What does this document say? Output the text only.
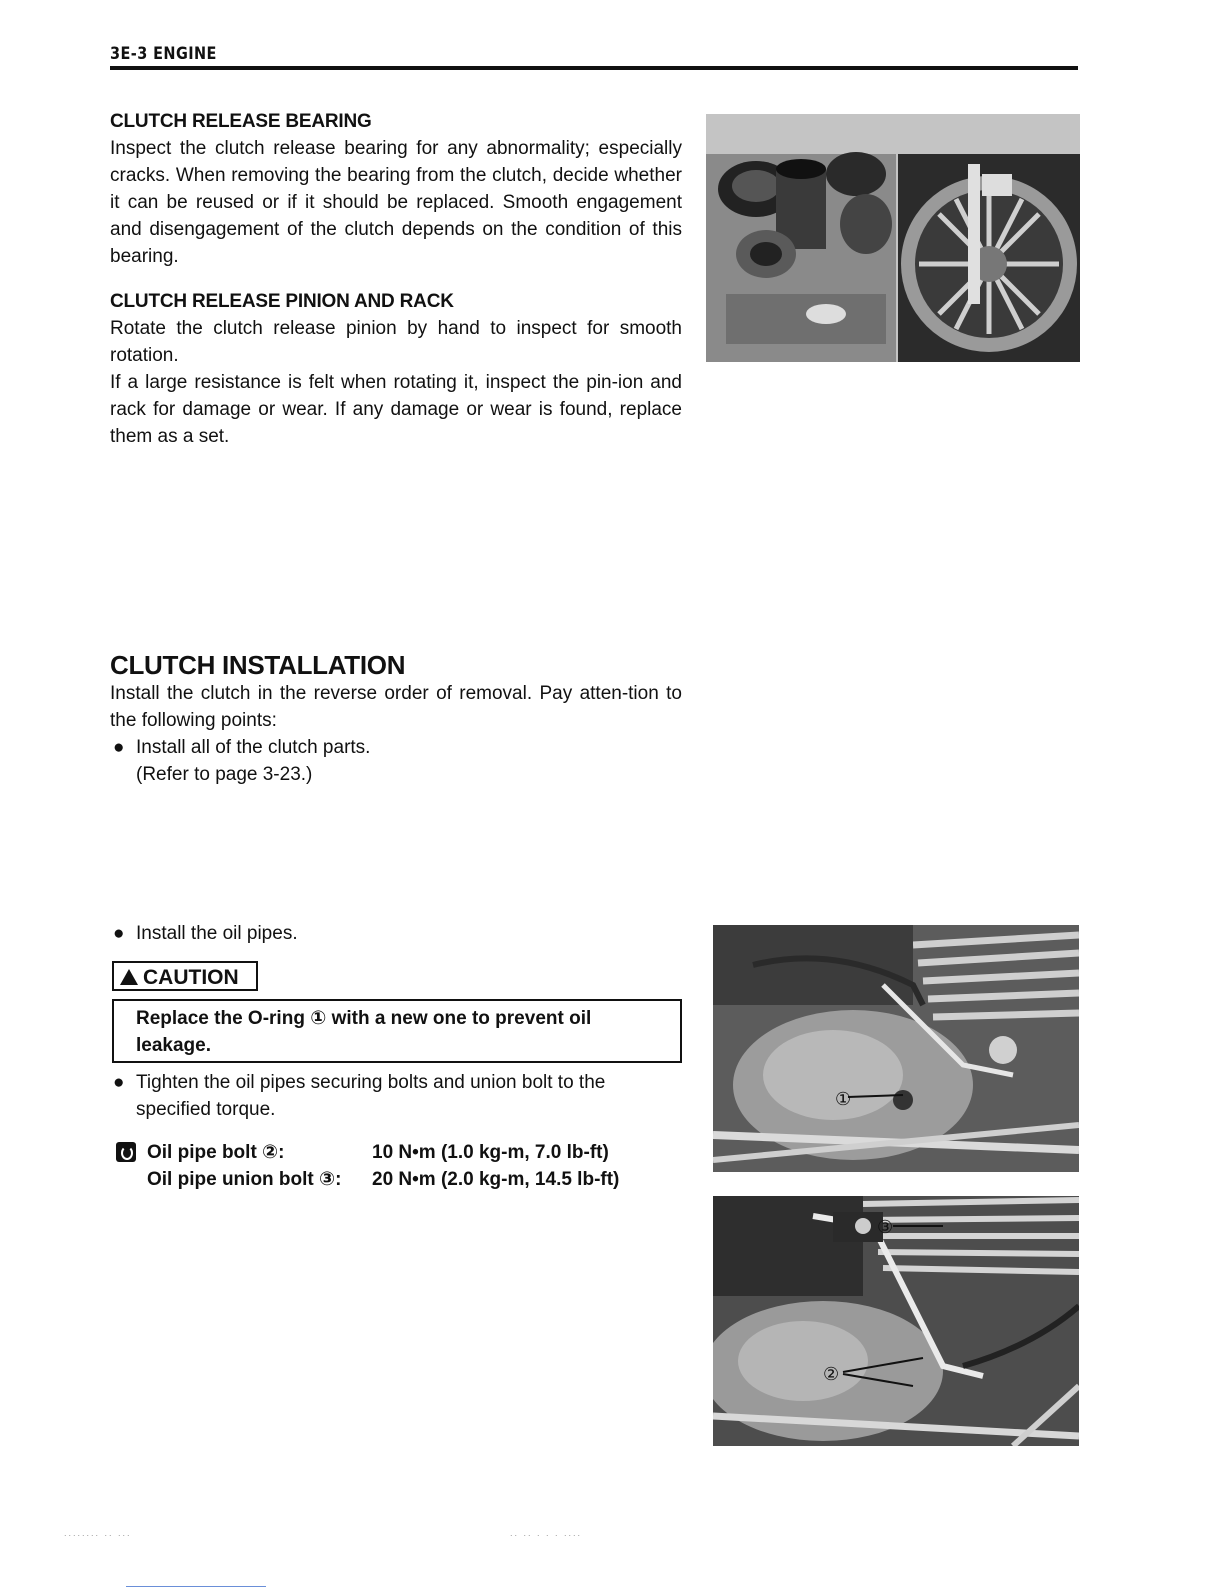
3E-3 ENGINE
CLUTCH RELEASE BEARING

Inspect the clutch release bearing for any abnormality; especially cracks. When removing the bearing from the clutch, decide whether it can be reused or if it should be replaced. Smooth engagement and disengagement of the clutch depends on the condition of this bearing.

CLUTCH RELEASE PINION AND RACK

Rotate the clutch release pinion by hand to inspect for smooth rotation.

If a large resistance is felt when rotating it, inspect the pin-ion and rack for damage or wear. If any damage or wear is found, replace them as a set.

CLUTCH INSTALLATION

Install the clutch in the reverse order of removal. Pay atten-tion to the following points:

● Install all of the clutch parts.
(Refer to page 3-23.)
● Install the oil pipes.
CAUTION
Replace the O-ring ① with a new one to prevent oil leakage.
● Tighten the oil pipes securing bolts and union bolt to the specified torque.
Oil pipe bolt ②:	10 N•m (1.0 kg-m, 7.0 lb-ft)
Oil pipe union bolt ③: 20 N•m (2.0 kg-m, 14.5 lb-ft)
①
③
②
........ .. ...	.. .. . . . ....
